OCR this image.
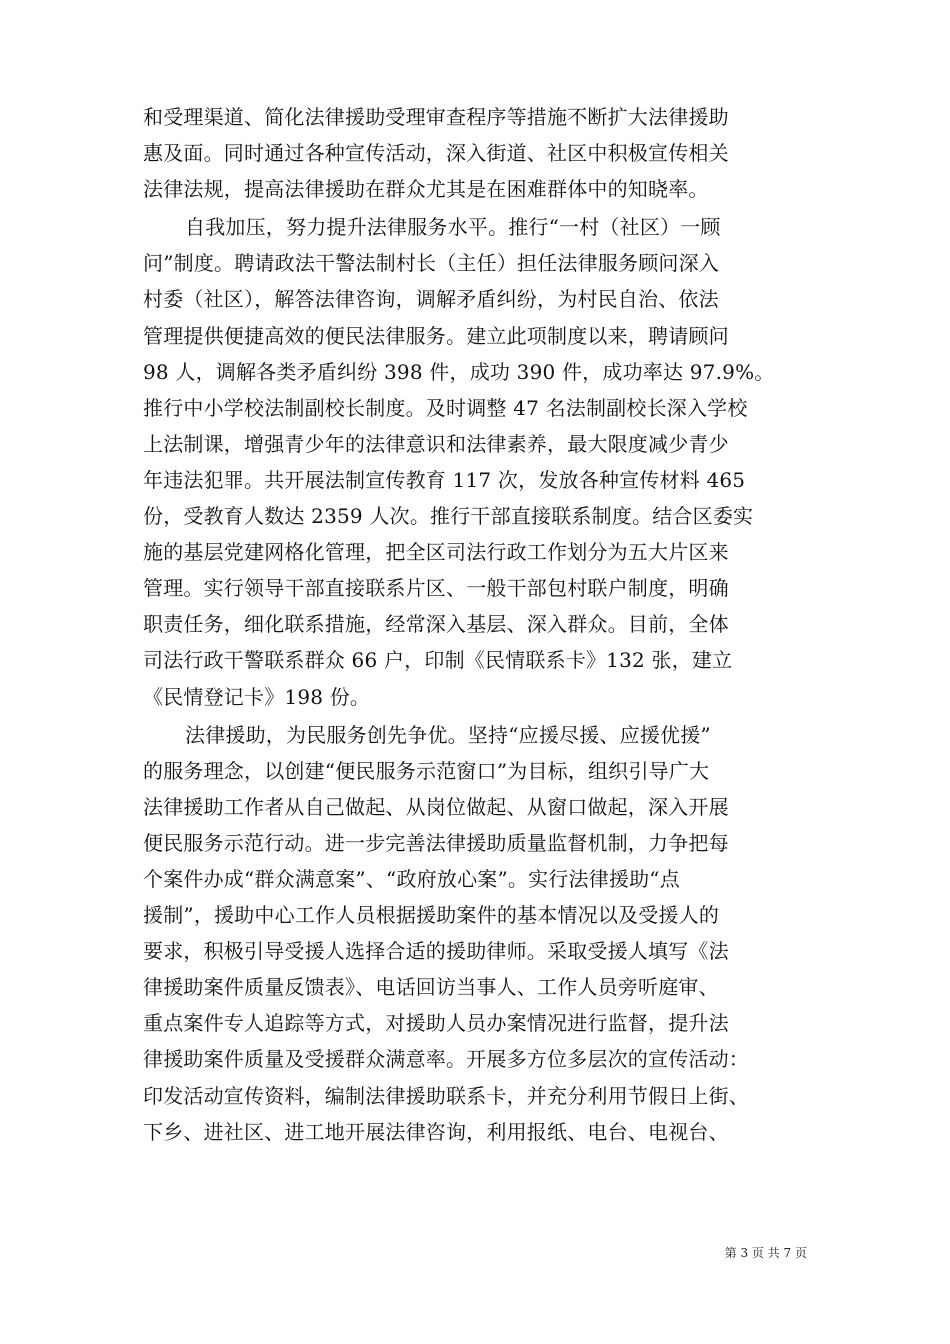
和受理渠道、简化法律援助受理审查程序等措施不断扩大法律援助
惠及面。同时通过各种宣传活动，深入街道、社区中积极宣传相关
法律法规，提高法律援助在群众尤其是在困难群体中的知晓率。
自我加压，努力提升法律服务水平。推行“一村（社区）一顾
问”制度。聘请政法干警法制村长（主任）担任法律服务顾问深入
村委（社区），解答法律咨询，调解矛盾纠纷，为村民自治、依法
管理提供便捷高效的便民法律服务。建立此项制度以来，聘请顾问
98 人，调解各类矛盾纠纷 398 件，成功 390 件，成功率达 97.9%。
推行中小学校法制副校长制度。及时调整 47 名法制副校长深入学校
上法制课，增强青少年的法律意识和法律素养，最大限度减少青少
年违法犯罪。共开展法制宣传教育 117 次，发放各种宣传材料 465
份，受教育人数达 2359 人次。推行干部直接联系制度。结合区委实
施的基层党建网格化管理，把全区司法行政工作划分为五大片区来
管理。实行领导干部直接联系片区、一般干部包村联户制度，明确
职责任务，细化联系措施，经常深入基层、深入群众。目前，全体
司法行政干警联系群众 66 户，印制《民情联系卡》132 张，建立
《民情登记卡》198 份。
法律援助，为民服务创先争优。坚持“应援尽援、应援优援”
的服务理念，以创建“便民服务示范窗口”为目标，组织引导广大
法律援助工作者从自己做起、从岗位做起、从窗口做起，深入开展
便民服务示范行动。进一步完善法律援助质量监督机制，力争把每
个案件办成“群众满意案”、“政府放心案”。实行法律援助“点
援制”，援助中心工作人员根据援助案件的基本情况以及受援人的
要求，积极引导受援人选择合适的援助律师。采取受援人填写《法
律援助案件质量反馈表》、电话回访当事人、工作人员旁听庭审、
重点案件专人追踪等方式，对援助人员办案情况进行监督，提升法
律援助案件质量及受援群众满意率。开展多方位多层次的宣传活动：
印发活动宣传资料，编制法律援助联系卡，并充分利用节假日上街、
下乡、进社区、进工地开展法律咨询，利用报纸、电台、电视台、
第 3 页 共 7 页
